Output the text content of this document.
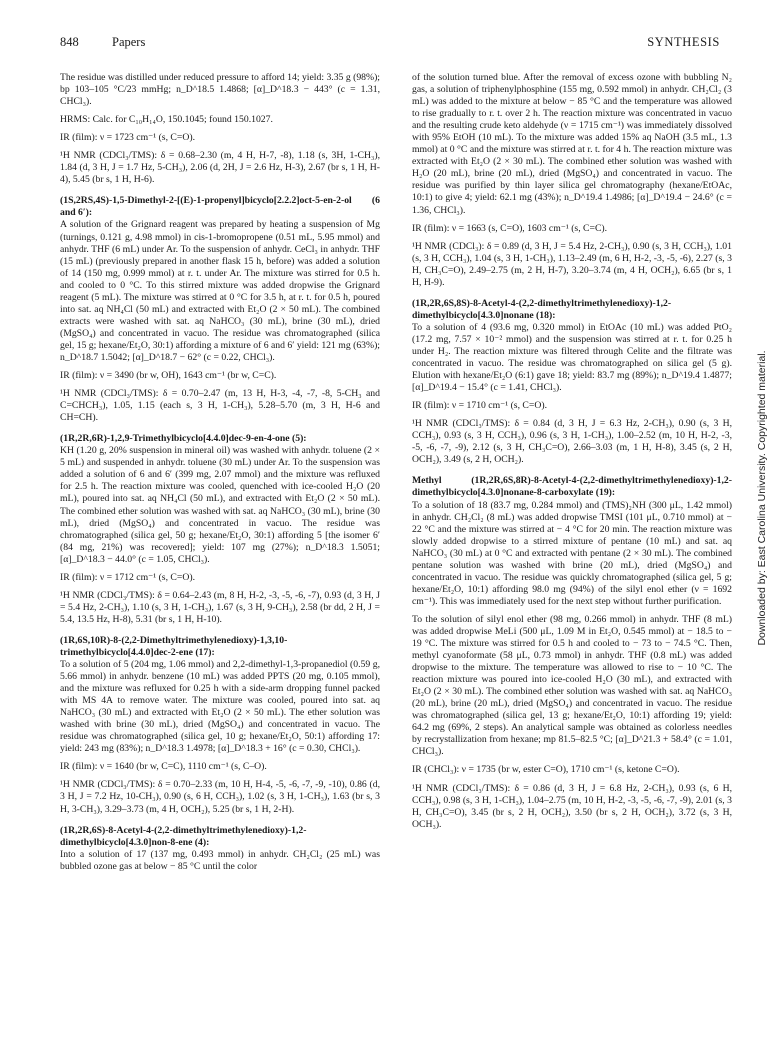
848	Papers	SYNTHESIS

The residue was distilled under reduced pressure to afford 14; yield: 3.35 g (98%); bp 103–105 °C/23 mmHg; n_D^18.5 1.4868; [α]_D^18.3 − 443° (c = 1.31, CHCl₃).

HRMS: Calc. for C₁₀H₁₄O, 150.1045; found 150.1027.

IR (film): ν = 1723 cm⁻¹ (s, C=O).

¹H NMR (CDCl₃/TMS): δ = 0.68–2.30 (m, 4 H, H-7, -8), 1.18 (s, 3H, 1-CH₃), 1.84 (d, 3 H, J = 1.7 Hz, 5-CH₃), 2.06 (d, 2H, J = 2.6 Hz, H-3), 2.67 (br s, 1 H, H-4), 5.45 (br s, 1 H, H-6).

(1S,2RS,4S)-1,5-Dimethyl-2-[(E)-1-propenyl]bicyclo[2.2.2]oct-5-en-2-ol (6 and 6′):

A solution of the Grignard reagent was prepared by heating a suspension of Mg (turnings, 0.121 g, 4.98 mmol) in cis-1-bromopropene (0.51 mL, 5.95 mmol) and anhydr. THF (6 mL) under Ar. To the suspension of anhydr. CeCl₃ in anhydr. THF (15 mL) (previously prepared in another flask 15 h, before) was added a solution of 14 (150 mg, 0.999 mmol) at r. t. under Ar. The mixture was stirred for 0.5 h. and cooled to 0 °C. To this stirred mixture was added dropwise the Grignard reagent (5 mL). The mixture was stirred at 0 °C for 3.5 h, at r. t. for 0.5 h, poured into sat. aq NH₄Cl (50 mL) and extracted with Et₂O (2 × 50 mL). The combined extracts were washed with sat. aq NaHCO₃ (30 mL), brine (30 mL), dried (MgSO₄) and concentrated in vacuo. The residue was chromatographed (silica gel, 15 g; hexane/Et₂O, 30:1) affording a mixture of 6 and 6′ yield: 121 mg (63%); n_D^18.7 1.5042; [α]_D^18.7 − 62° (c = 0.22, CHCl₃).

IR (film): ν = 3490 (br w, OH), 1643 cm⁻¹ (br w, C=C).

¹H NMR (CDCl₃/TMS): δ = 0.70–2.47 (m, 13 H, H-3, -4, -7, -8, 5-CH₃ and C=CHCH₃), 1.05, 1.15 (each s, 3 H, 1-CH₃), 5.28–5.70 (m, 3 H, H-6 and CH=CH).

(1R,2R,6R)-1,2,9-Trimethylbicyclo[4.4.0]dec-9-en-4-one (5):

KH (1.20 g, 20% suspension in mineral oil) was washed with anhydr. toluene (2 × 5 mL) and suspended in anhydr. toluene (30 mL) under Ar. To the suspension was added a solution of 6 and 6′ (399 mg, 2.07 mmol) and the mixture was refluxed for 2.5 h. The reaction mixture was cooled, quenched with ice-cooled H₂O (20 mL), poured into sat. aq NH₄Cl (50 mL), and extracted with Et₂O (2 × 50 mL). The combined ether solution was washed with sat. aq NaHCO₃ (30 mL), brine (30 mL), dried (MgSO₄) and concentrated in vacuo. The residue was chromatographed (silica gel, 50 g; hexane/Et₂O, 30:1) affording 5 [the isomer 6′ (84 mg, 21%) was recovered]; yield: 107 mg (27%); n_D^18.3 1.5051; [α]_D^18.3 − 44.0° (c = 1.05, CHCl₃).

IR (film): ν = 1712 cm⁻¹ (s, C=O).

¹H NMR (CDCl₃/TMS): δ = 0.64–2.43 (m, 8 H, H-2, -3, -5, -6, -7), 0.93 (d, 3 H, J = 5.4 Hz, 2-CH₃), 1.10 (s, 3 H, 1-CH₃), 1.67 (s, 3 H, 9-CH₃), 2.58 (br dd, 2 H, J = 5.4, 13.5 Hz, H-8), 5.31 (br s, 1 H, H-10).

(1R,6S,10R)-8-(2,2-Dimethyltrimethylenedioxy)-1,3,10-trimethylbicyclo[4.4.0]dec-2-ene (17):

To a solution of 5 (204 mg, 1.06 mmol) and 2,2-dimethyl-1,3-propanediol (0.59 g, 5.66 mmol) in anhydr. benzene (10 mL) was added PPTS (20 mg, 0.105 mmol), and the mixture was refluxed for 0.25 h with a side-arm dropping funnel packed with MS 4A to remove water. The mixture was cooled, poured into sat. aq NaHCO₃ (30 mL) and extracted with Et₂O (2 × 50 mL). The ether solution was washed with brine (30 mL), dried (MgSO₄) and concentrated in vacuo. The residue was chromatographed (silica gel, 10 g; hexane/Et₂O, 50:1) affording 17: yield: 243 mg (83%); n_D^18.3 1.4978; [α]_D^18.3 + 16° (c = 0.30, CHCl₃).

IR (film): ν = 1640 (br w, C=C), 1110 cm⁻¹ (s, C–O).

¹H NMR (CDCl₃/TMS): δ = 0.70–2.33 (m, 10 H, H-4, -5, -6, -7, -9, -10), 0.86 (d, 3 H, J = 7.2 Hz, 10-CH₃), 0.90 (s, 6 H, CCH₃), 1.02 (s, 3 H, 1-CH₃), 1.63 (br s, 3 H, 3-CH₃), 3.29–3.73 (m, 4 H, OCH₂), 5.25 (br s, 1 H, 2-H).

(1R,2R,6S)-8-Acetyl-4-(2,2-dimethyltrimethylenedioxy)-1,2-dimethylbicyclo[4.3.0]non-8-ene (4):

Into a solution of 17 (137 mg, 0.493 mmol) in anhydr. CH₂Cl₂ (25 mL) was bubbled ozone gas at below − 85 °C until the color

of the solution turned blue. After the removal of excess ozone with bubbling N₂ gas, a solution of triphenylphosphine (155 mg, 0.592 mmol) in anhydr. CH₂Cl₂ (3 mL) was added to the mixture at below − 85 °C and the temperature was allowed to rise gradually to r. t. over 2 h. The reaction mixture was concentrated in vacuo and the resulting crude keto aldehyde (ν = 1715 cm⁻¹) was immediately dissolved with 95% EtOH (10 mL). To the mixture was added 15% aq NaOH (3.5 mL, 1.3 mmol) at 0 °C and the mixture was stirred at r. t. for 4 h. The reaction mixture was extracted with Et₂O (2 × 30 mL). The combined ether solution was washed with H₂O (20 mL), brine (20 mL), dried (MgSO₄) and concentrated in vacuo. The residue was purified by thin layer silica gel chromatography (hexane/EtOAc, 10:1) to give 4; yield: 62.1 mg (43%); n_D^19.4 1.4986; [α]_D^19.4 − 24.6° (c = 1.36, CHCl₃).

IR (film): ν = 1663 (s, C=O), 1603 cm⁻¹ (s, C=C).

¹H NMR (CDCl₃): δ = 0.89 (d, 3 H, J = 5.4 Hz, 2-CH₃), 0.90 (s, 3 H, CCH₃), 1.01 (s, 3 H, CCH₃), 1.04 (s, 3 H, 1-CH₃), 1.13–2.49 (m, 6 H, H-2, -3, -5, -6), 2.27 (s, 3 H, CH₃C=O), 2.49–2.75 (m, 2 H, H-7), 3.20–3.74 (m, 4 H, OCH₂), 6.65 (br s, 1 H, H-9).

(1R,2R,6S,8S)-8-Acetyl-4-(2,2-dimethyltrimethylenedioxy)-1,2-dimethylbicyclo[4.3.0]nonane (18):

To a solution of 4 (93.6 mg, 0.320 mmol) in EtOAc (10 mL) was added PtO₂ (17.2 mg, 7.57 × 10⁻² mmol) and the suspension was stirred at r. t. for 0.25 h under H₂. The reaction mixture was filtered through Celite and the filtrate was concentrated in vacuo. The residue was chromatographed on silica gel (5 g). Elution with hexane/Et₂O (6:1) gave 18; yield: 83.7 mg (89%); n_D^19.4 1.4877; [α]_D^19.4 − 15.4° (c = 1.41, CHCl₃).

IR (film): ν = 1710 cm⁻¹ (s, C=O).

¹H NMR (CDCl₃/TMS): δ = 0.84 (d, 3 H, J = 6.3 Hz, 2-CH₃), 0.90 (s, 3 H, CCH₃), 0.93 (s, 3 H, CCH₃), 0.96 (s, 3 H, 1-CH₃), 1.00–2.52 (m, 10 H, H-2, -3, -5, -6, -7, -9), 2.12 (s, 3 H, CH₃C=O), 2.66–3.03 (m, 1 H, H-8), 3.45 (s, 2 H, OCH₂), 3.49 (s, 2 H, OCH₂).

Methyl (1R,2R,6S,8R)-8-Acetyl-4-(2,2-dimethyltrimethylenedioxy)-1,2-dimethylbicyclo[4.3.0]nonane-8-carboxylate (19):

To a solution of 18 (83.7 mg, 0.284 mmol) and (TMS)₂NH (300 μL, 1.42 mmol) in anhydr. CH₂Cl₂ (8 mL) was added dropwise TMSI (101 μL, 0.710 mmol) at − 22 °C and the mixture was stirred at − 4 °C for 20 min. The reaction mixture was slowly added dropwise to a stirred mixture of pentane (10 mL) and sat. aq NaHCO₃ (30 mL) at 0 °C and extracted with pentane (2 × 30 mL). The combined pentane solution was washed with brine (20 mL), dried (MgSO₄) and concentrated in vacuo. The residue was quickly chromatographed (silica gel, 5 g; hexane/Et₂O, 10:1) affording 98.0 mg (94%) of the silyl enol ether (ν = 1692 cm⁻¹). This was immediately used for the next step without further purification.

To the solution of silyl enol ether (98 mg, 0.266 mmol) in anhydr. THF (8 mL) was added dropwise MeLi (500 μL, 1.09 M in Et₂O, 0.545 mmol) at − 18.5 to − 19 °C. The mixture was stirred for 0.5 h and cooled to − 73 to − 74.5 °C. Then, methyl cyanoformate (58 μL, 0.73 mmol) in anhydr. THF (0.8 mL) was added dropwise to the mixture. The temperature was allowed to rise to − 10 °C. The reaction mixture was poured into ice-cooled H₂O (30 mL), and extracted with Et₂O (2 × 30 mL). The combined ether solution was washed with sat. aq NaHCO₃ (20 mL), brine (20 mL), dried (MgSO₄) and concentrated in vacuo. The residue was chromatographed (silica gel, 13 g; hexane/Et₂O, 10:1) affording 19; yield: 64.2 mg (69%, 2 steps). An analytical sample was obtained as colorless needles by recrystallization from hexane; mp 81.5–82.5 °C; [α]_D^21.3 + 58.4° (c = 1.01, CHCl₃).

IR (CHCl₃): ν = 1735 (br w, ester C=O), 1710 cm⁻¹ (s, ketone C=O).

¹H NMR (CDCl₃/TMS): δ = 0.86 (d, 3 H, J = 6.8 Hz, 2-CH₃), 0.93 (s, 6 H, CCH₃), 0.98 (s, 3 H, 1-CH₃), 1.04–2.75 (m, 10 H, H-2, -3, -5, -6, -7, -9), 2.01 (s, 3 H, CH₃C=O), 3.45 (br s, 2 H, OCH₂), 3.50 (br s, 2 H, OCH₂), 3.72 (s, 3 H, OCH₃).

Downloaded by: East Carolina University. Copyrighted material.
